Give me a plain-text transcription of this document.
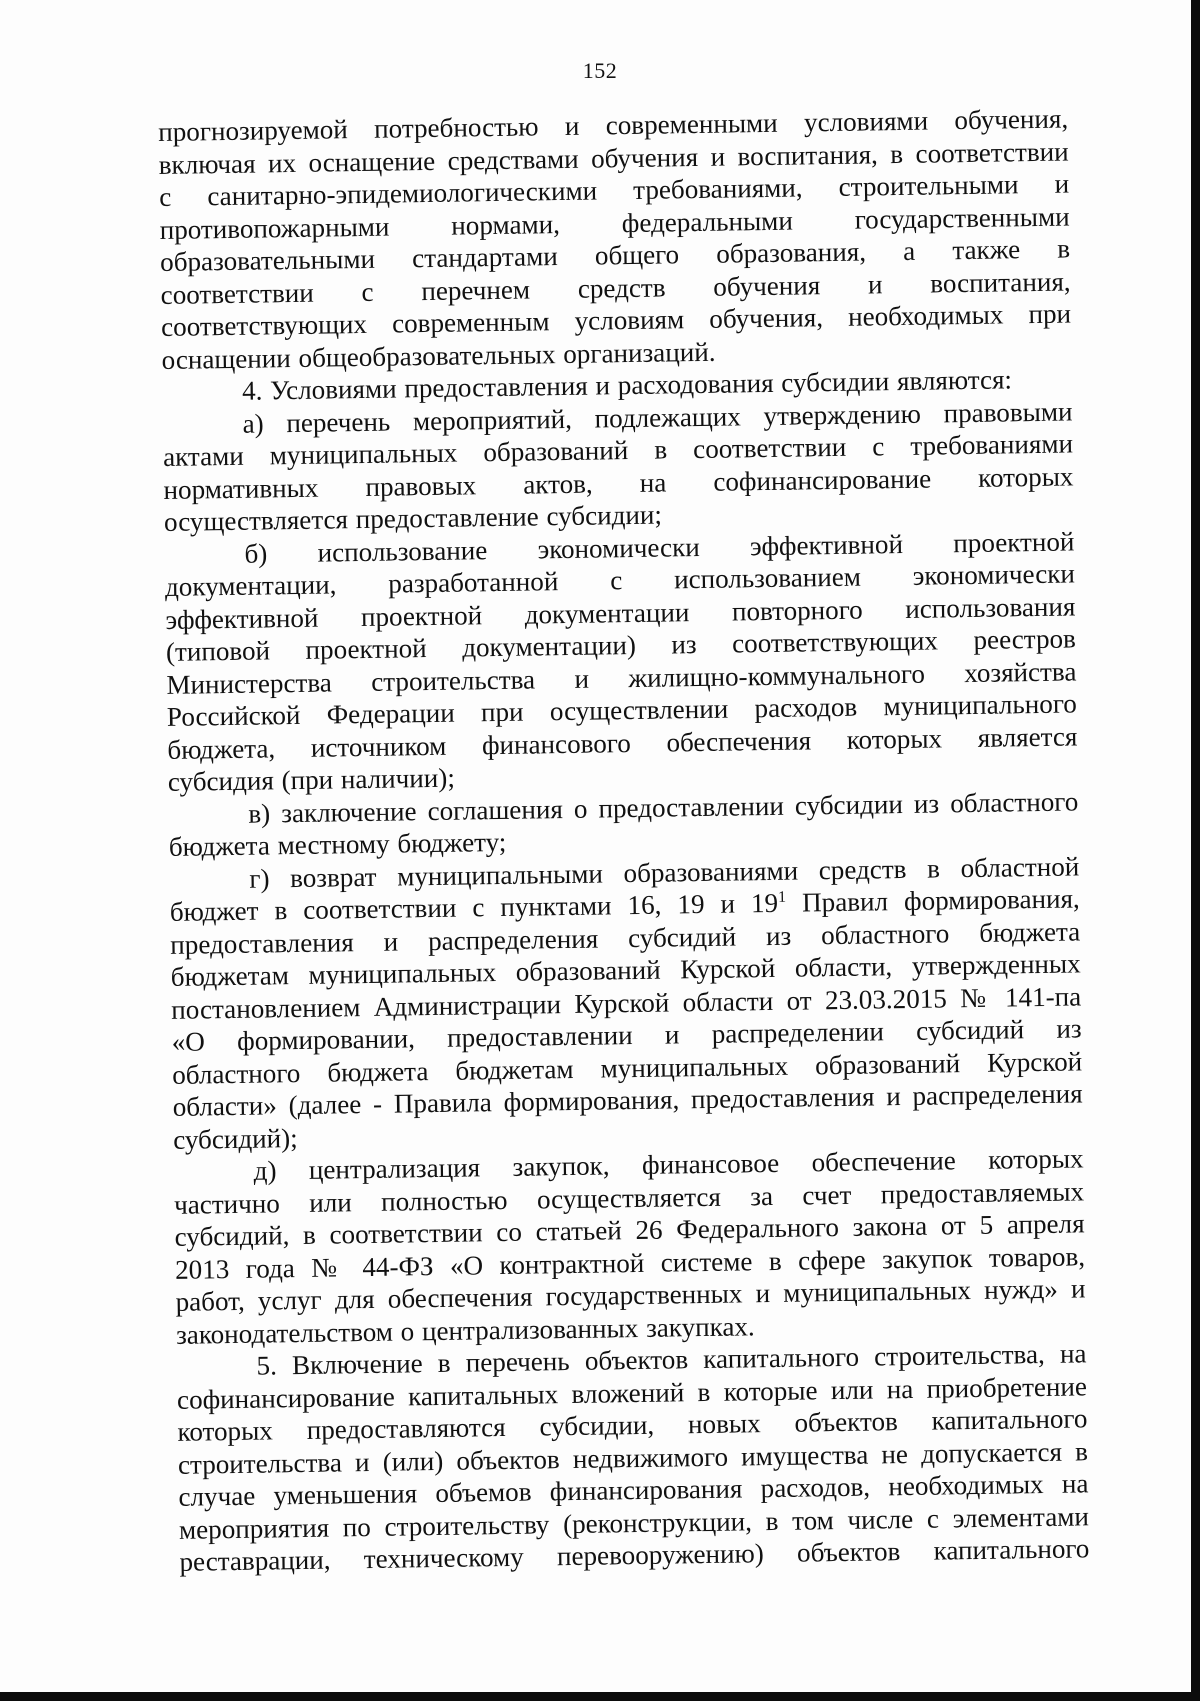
152

прогнозируемой потребностью и современными условиями обучения,

включая их оснащение средствами обучения и воспитания, в соответствии

с санитарно-эпидемиологическими требованиями, строительными и

противопожарными нормами, федеральными государственными

образовательными стандартами общего образования, а также в

соответствии с перечнем средств обучения и воспитания,

соответствующих современным условиям обучения, необходимых при

оснащении общеобразовательных организаций.

4. Условиями предоставления и расходования субсидии являются:

а) перечень мероприятий, подлежащих утверждению правовыми

актами муниципальных образований в соответствии с требованиями

нормативных правовых актов, на софинансирование которых

осуществляется предоставление субсидии;

б) использование экономически эффективной проектной

документации, разработанной с использованием экономически

эффективной проектной документации повторного использования

(типовой проектной документации) из соответствующих реестров

Министерства строительства и жилищно-коммунального хозяйства

Российской Федерации при осуществлении расходов муниципального

бюджета, источником финансового обеспечения которых является

субсидия (при наличии);

в) заключение соглашения о предоставлении субсидии из областного

бюджета местному бюджету;

г) возврат муниципальными образованиями средств в областной

бюджет в соответствии с пунктами 16, 19 и $19^1$ Правил формирования,

предоставления и распределения субсидий из областного бюджета

бюджетам муниципальных образований Курской области, утвержденных

постановлением Администрации Курской области от 23.03.2015 № 141-па

«О формировании, предоставлении и распределении субсидий из

областного бюджета бюджетам муниципальных образований Курской

области» (далее - Правила формирования, предоставления и распределения

субсидий);

д) централизация закупок, финансовое обеспечение которых

частично или полностью осуществляется за счет предоставляемых

субсидий, в соответствии со статьей 26 Федерального закона от 5 апреля

2013 года № 44-ФЗ «О контрактной системе в сфере закупок товаров,

работ, услуг для обеспечения государственных и муниципальных нужд» и

законодательством о централизованных закупках.

5. Включение в перечень объектов капитального строительства, на

софинансирование капитальных вложений в которые или на приобретение

которых предоставляются субсидии, новых объектов капитального

строительства и (или) объектов недвижимого имущества не допускается в

случае уменьшения объемов финансирования расходов, необходимых на

мероприятия по строительству (реконструкции, в том числе с элементами

реставрации, техническому перевооружению) объектов капитального
